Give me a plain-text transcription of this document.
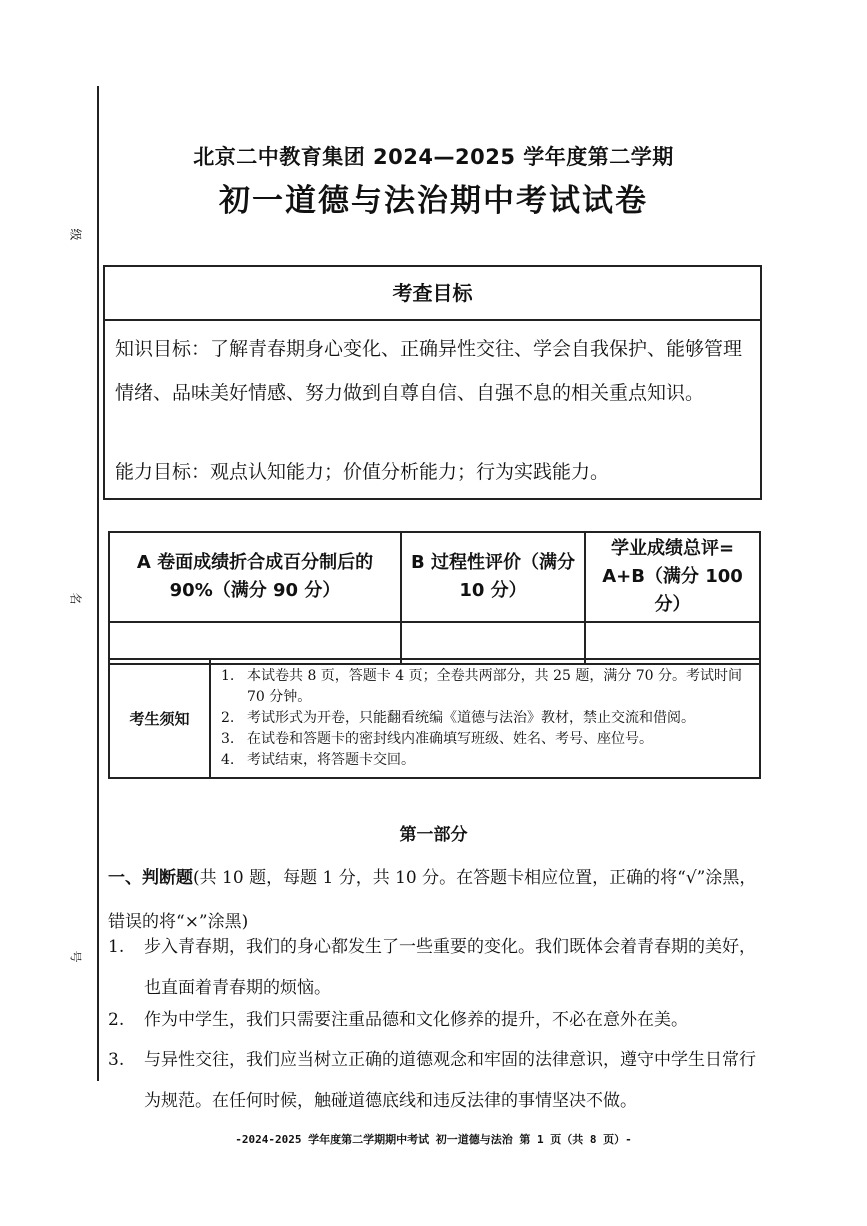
级
名
号
北京二中教育集团 2024—2025 学年度第二学期
初一道德与法治期中考试试卷
考查目标
知识目标：了解青春期身心变化、正确异性交往、学会自我保护、能够管理情绪、品味美好情感、努力做到自尊自信、自强不息的相关重点知识。
能力目标：观点认知能力；价值分析能力；行为实践能力。
A 卷面成绩折合成百分制后的 90%（满分 90 分）	B 过程性评价（满分 10 分）	学业成绩总评= A+B（满分 100 分）

考生须知	
1. 本试卷共 8 页，答题卡 4 页；全卷共两部分，共 25 题，满分 70 分。考试时间 70 分钟。
2. 考试形式为开卷，只能翻看统编《道德与法治》教材，禁止交流和借阅。
3. 在试卷和答题卡的密封线内准确填写班级、姓名、考号、座位号。
4. 考试结束，将答题卡交回。
第一部分
一、判断题(共 10 题，每题 1 分，共 10 分。在答题卡相应位置，正确的将“√”涂黑，错误的将“×”涂黑)
1.	步入青春期，我们的身心都发生了一些重要的变化。我们既体会着青春期的美好，也直面着青春期的烦恼。
2.	作为中学生，我们只需要注重品德和文化修养的提升，不必在意外在美。
3.	与异性交往，我们应当树立正确的道德观念和牢固的法律意识，遵守中学生日常行为规范。在任何时候，触碰道德底线和违反法律的事情坚决不做。
-2024-2025 学年度第二学期期中考试 初一道德与法治 第 1 页（共 8 页）-
